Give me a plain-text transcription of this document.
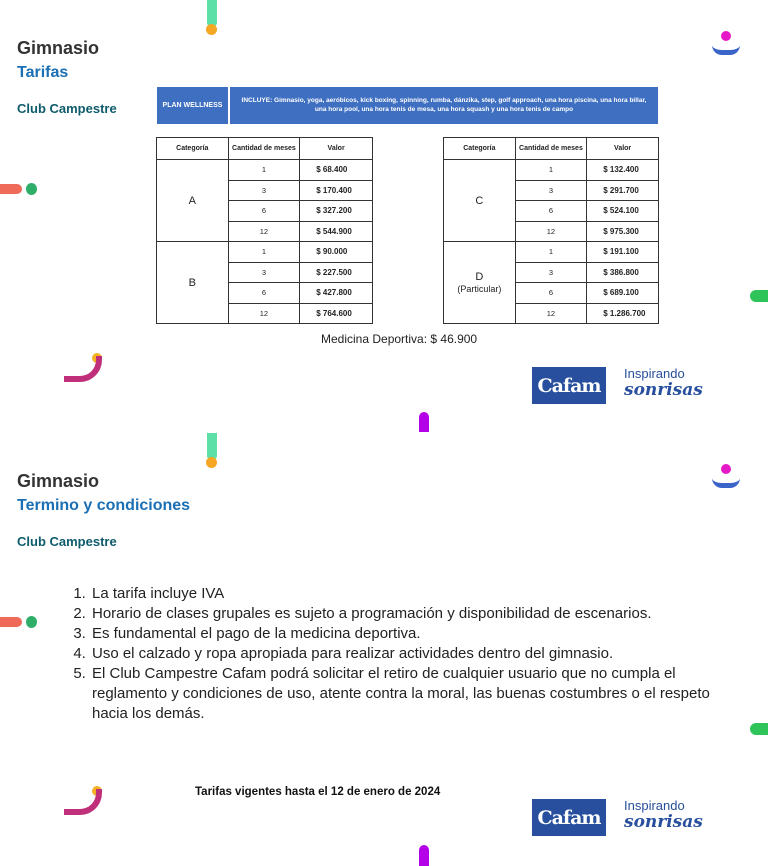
Gimnasio
Tarifas
Club Campestre	PLAN WELLNESS
INCLUYE: Gimnasio, yoga, aeróbicos, kick boxing, spinning, rumba, dánzika, step, golf approach, una hora piscina, una hora billar, una hora pool, una hora tenis de mesa, una hora squash y una hora tenis de campo
Categoría	Cantidad de meses	Valor
A	1	$ 68.400
	3	$ 170.400
	6	$ 327.200
	12	$ 544.900
B	1	$ 90.000
	3	$ 227.500
	6	$ 427.800
	12	$ 764.600
Categoría	Cantidad de meses	Valor
C	1	$ 132.400
	3	$ 291.700
	6	$ 524.100
	12	$ 975.300
D
(Particular)	1	$ 191.100
	3	$ 386.800
	6	$ 689.100
	12	$ 1.286.700
Medicina Deportiva: $ 46.900
Cafam
Inspirando
sonrisas
Gimnasio
Termino y condiciones
Club Campestre
1. La tarifa incluye IVA
2. Horario de clases grupales es sujeto a programación y disponibilidad de escenarios.
3. Es fundamental el pago de la medicina deportiva.
4. Uso el calzado y ropa apropiada para realizar actividades dentro del gimnasio.
5. El Club Campestre Cafam podrá solicitar el retiro de cualquier usuario que no cumpla el reglamento y condiciones de uso, atente contra la moral, las buenas costumbres o el respeto hacia los demás.
Tarifas vigentes hasta el 12 de enero de 2024
Cafam
Inspirando
sonrisas
